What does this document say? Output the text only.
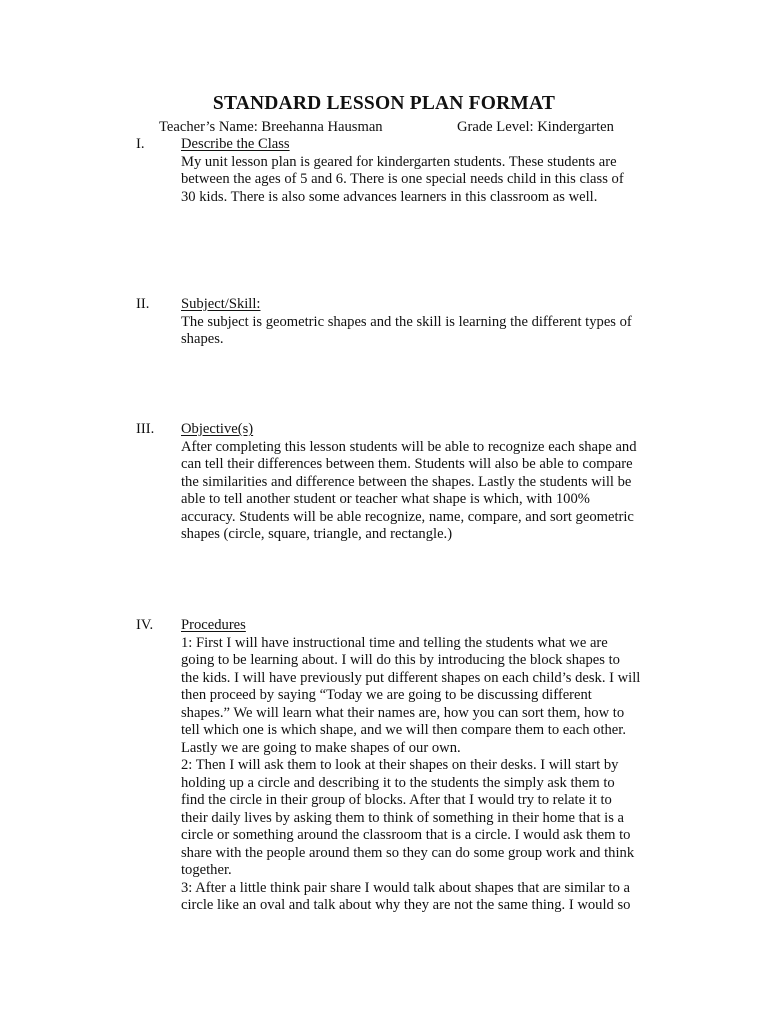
STANDARD LESSON PLAN FORMAT
Teacher’s Name: Breehanna Hausman	Grade Level: Kindergarten
I. Describe the Class

My unit lesson plan is geared for kindergarten students. These students are

between the ages of 5 and 6. There is one special needs child in this class of

30 kids. There is also some advances learners in this classroom as well.

II. Subject/Skill:

The subject is geometric shapes and the skill is learning the different types of

shapes.

III. Objective(s)

After completing this lesson students will be able to recognize each shape and

can tell their differences between them. Students will also be able to compare

the similarities and difference between the shapes. Lastly the students will be

able to tell another student or teacher what shape is which, with 100%

accuracy. Students will be able recognize, name, compare, and sort geometric

shapes (circle, square, triangle, and rectangle.)

IV. Procedures

1: First I will have instructional time and telling the students what we are

going to be learning about. I will do this by introducing the block shapes to

the kids. I will have previously put different shapes on each child’s desk. I will

then proceed by saying “Today we are going to be discussing different

shapes.” We will learn what their names are, how you can sort them, how to

tell which one is which shape, and we will then compare them to each other.

Lastly we are going to make shapes of our own.

2: Then I will ask them to look at their shapes on their desks. I will start by

holding up a circle and describing it to the students the simply ask them to

find the circle in their group of blocks. After that I would try to relate it to

their daily lives by asking them to think of something in their home that is a

circle or something around the classroom that is a circle. I would ask them to

share with the people around them so they can do some group work and think

together.

3: After a little think pair share I would talk about shapes that are similar to a

circle like an oval and talk about why they are not the same thing. I would so
